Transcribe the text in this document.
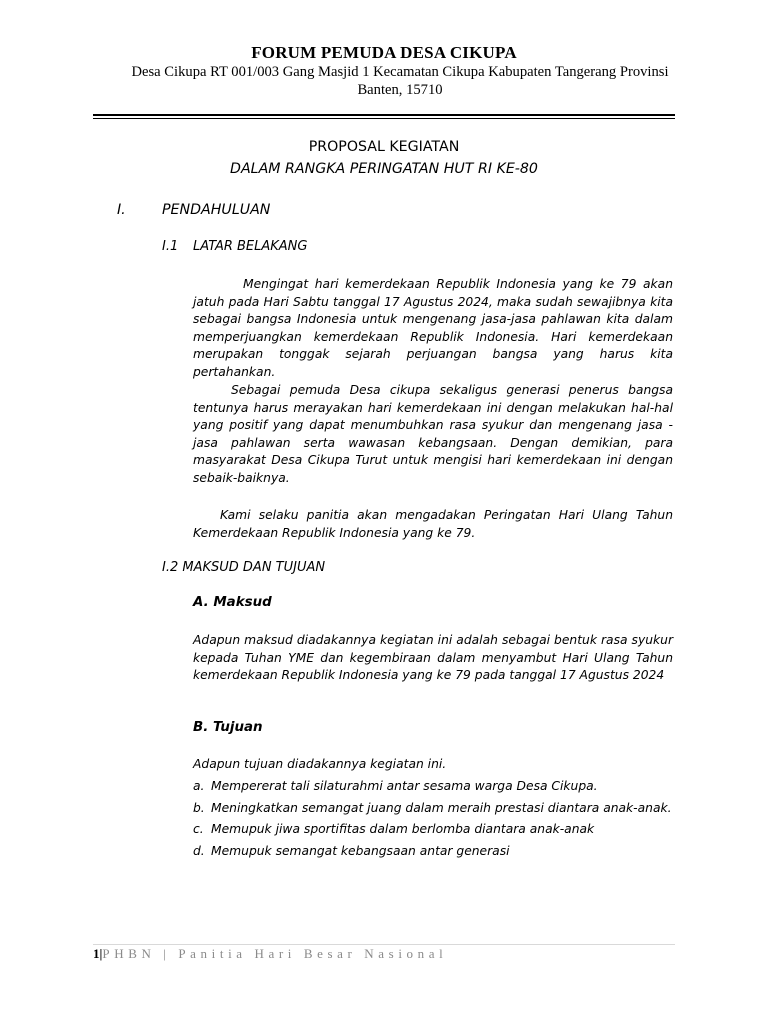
FORUM PEMUDA DESA CIKUPA
Desa Cikupa RT 001/003 Gang Masjid 1 Kecamatan Cikupa Kabupaten Tangerang Provinsi Banten, 15710
PROPOSAL KEGIATAN
DALAM RANGKA PERINGATAN HUT RI KE-80
I.	PENDAHULUAN
I.1 LATAR BELAKANG

Mengingat hari kemerdekaan Republik Indonesia yang ke 79 akan jatuh pada Hari Sabtu tanggal 17 Agustus 2024, maka sudah sewajibnya kita sebagai bangsa Indonesia untuk mengenang jasa-jasa pahlawan kita dalam memperjuangkan kemerdekaan Republik Indonesia. Hari kemerdekaan merupakan tonggak sejarah perjuangan bangsa yang harus kita pertahankan.

Sebagai pemuda Desa cikupa sekaligus generasi penerus bangsa tentunya harus merayakan hari kemerdekaan ini dengan melakukan hal-hal yang positif yang dapat menumbuhkan rasa syukur dan mengenang jasa - jasa pahlawan serta wawasan kebangsaan. Dengan demikian, para masyarakat Desa Cikupa Turut untuk mengisi hari kemerdekaan ini dengan sebaik-baiknya.

Kami selaku panitia akan mengadakan Peringatan Hari Ulang Tahun Kemerdekaan Republik Indonesia yang ke 79.

I.2 MAKSUD DAN TUJUAN
A. Maksud

Adapun maksud diadakannya kegiatan ini adalah sebagai bentuk rasa syukur kepada Tuhan YME dan kegembiraan dalam menyambut Hari Ulang Tahun kemerdekaan Republik Indonesia yang ke 79 pada tanggal 17 Agustus 2024

B. Tujuan
Adapun tujuan diadakannya kegiatan ini.
a. Mempererat tali silaturahmi antar sesama warga Desa Cikupa.
b. Meningkatkan semangat juang dalam meraih prestasi diantara anak-anak.
c. Memupuk jiwa sportifitas dalam berlomba diantara anak-anak
d. Memupuk semangat kebangsaan antar generasi
1|PHBN | Panitia Hari Besar Nasional
